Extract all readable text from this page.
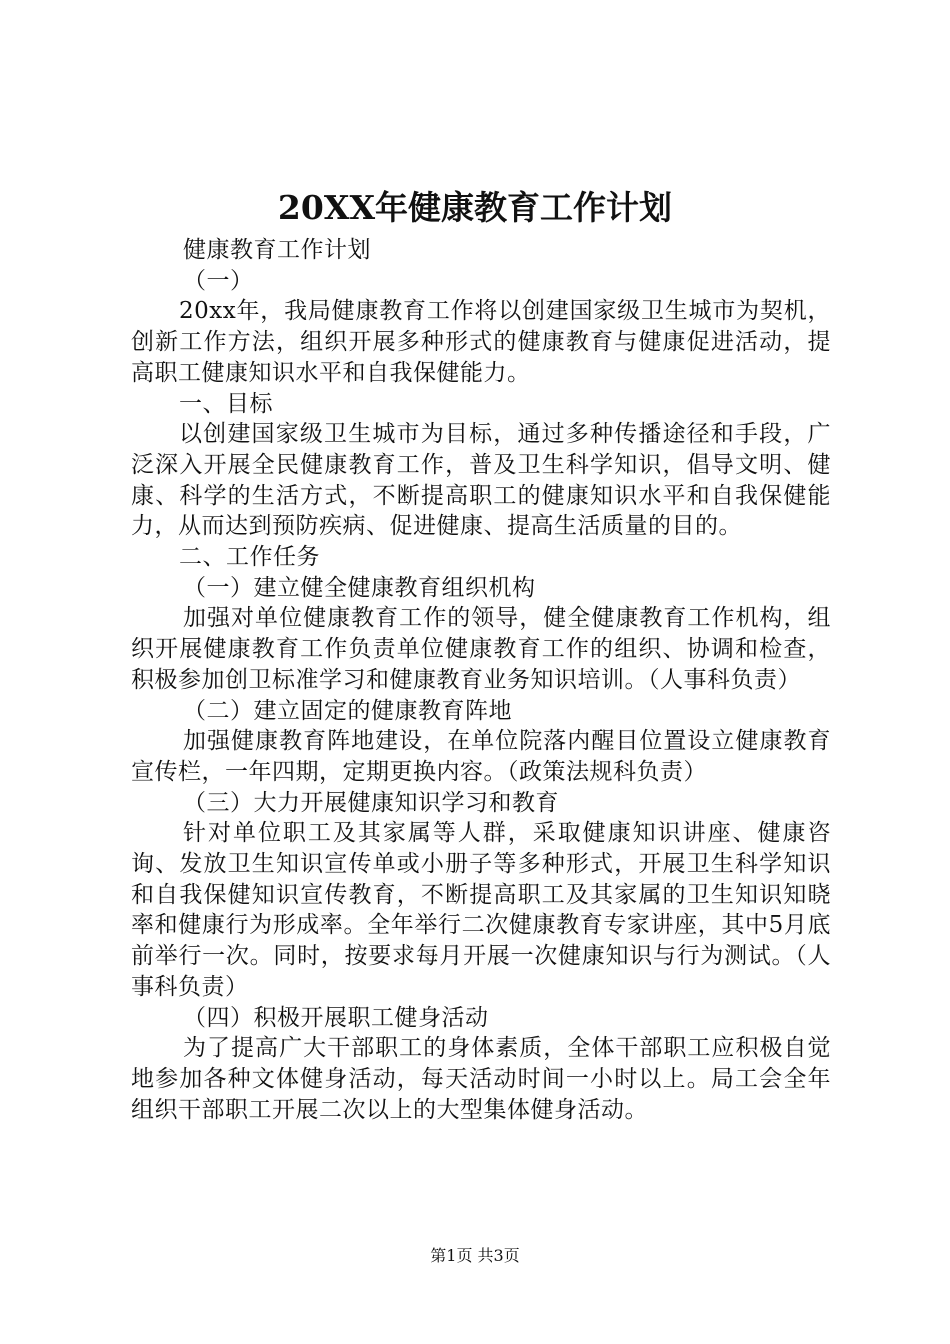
20XX年健康教育工作计划

健康教育工作计划

（一）

20xx年，我局健康教育工作将以创建国家级卫生城市为契机，创新工作方法，组织开展多种形式的健康教育与健康促进活动，提高职工健康知识水平和自我保健能力。

一、目标

以创建国家级卫生城市为目标，通过多种传播途径和手段，广泛深入开展全民健康教育工作，普及卫生科学知识，倡导文明、健康、科学的生活方式，不断提高职工的健康知识水平和自我保健能力，从而达到预防疾病、促进健康、提高生活质量的目的。

二、工作任务

（一）建立健全健康教育组织机构

加强对单位健康教育工作的领导，健全健康教育工作机构，组织开展健康教育工作负责单位健康教育工作的组织、协调和检查，积极参加创卫标准学习和健康教育业务知识培训。（人事科负责）

（二）建立固定的健康教育阵地

加强健康教育阵地建设，在单位院落内醒目位置设立健康教育宣传栏，一年四期，定期更换内容。（政策法规科负责）

（三）大力开展健康知识学习和教育

针对单位职工及其家属等人群，采取健康知识讲座、健康咨询、发放卫生知识宣传单或小册子等多种形式，开展卫生科学知识和自我保健知识宣传教育，不断提高职工及其家属的卫生知识知晓率和健康行为形成率。全年举行二次健康教育专家讲座，其中5月底前举行一次。同时，按要求每月开展一次健康知识与行为测试。（人事科负责）

（四）积极开展职工健身活动

为了提高广大干部职工的身体素质，全体干部职工应积极自觉地参加各种文体健身活动，每天活动时间一小时以上。局工会全年组织干部职工开展二次以上的大型集体健身活动。

第1页 共3页
